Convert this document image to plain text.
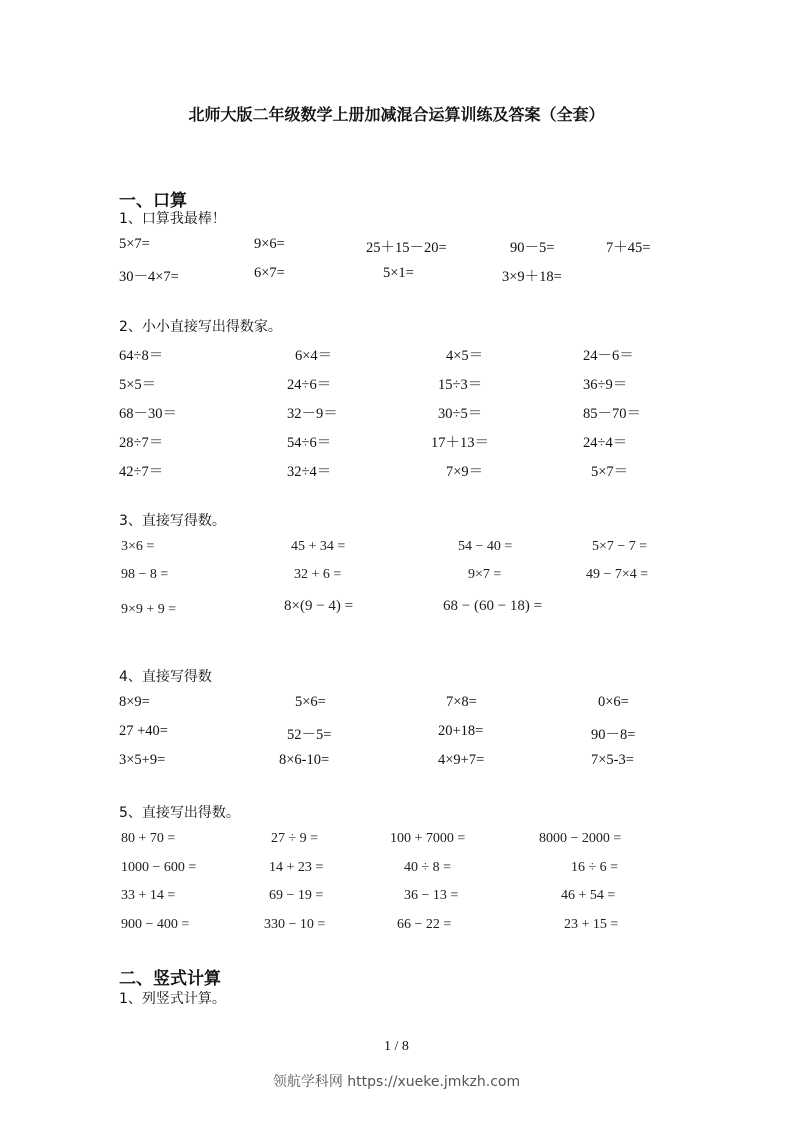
北师大版二年级数学上册加减混合运算训练及答案（全套）
一、口算
1、口算我最棒！
5×7=	9×6=	25＋15－20=	90－5=	7＋45=
30－4×7=	6×7=	5×1=	3×9＋18=
2、小小直接写出得数家。
64÷8＝	6×4＝	4×5＝	24－6＝
5×5＝	24÷6＝	15÷3＝	36÷9＝
68－30＝	32－9＝	30÷5＝	85－70＝
28÷7＝	54÷6＝	17＋13＝	24÷4＝
42÷7＝	32÷4＝	7×9＝	5×7＝
3、直接写得数。
3×6 =	45 + 34 =	54 − 40 =	5×7 − 7 =
98 − 8 =	32 + 6 =	9×7 =	49 − 7×4 =
9×9 + 9 =	8×(9 − 4) =	68 − (60 − 18) =
4、直接写得数
8×9=	5×6=	7×8=	0×6=
27 +40=	52－5=	20+18=	90－8=
3×5+9=	8×6-10=	4×9+7=	7×5-3=
5、直接写出得数。
80 + 70 =	27 ÷ 9 =	100 + 7000 =	8000 − 2000 =
1000 − 600 =	14 + 23 =	40 ÷ 8 =	16 ÷ 6 =
33 + 14 =	69 − 19 =	36 − 13 =	46 + 54 =
900 − 400 =	330 − 10 =	66 − 22 =	23 + 15 =
二、竖式计算
1、列竖式计算。
1 / 8
领航学科网 https://xueke.jmkzh.com
